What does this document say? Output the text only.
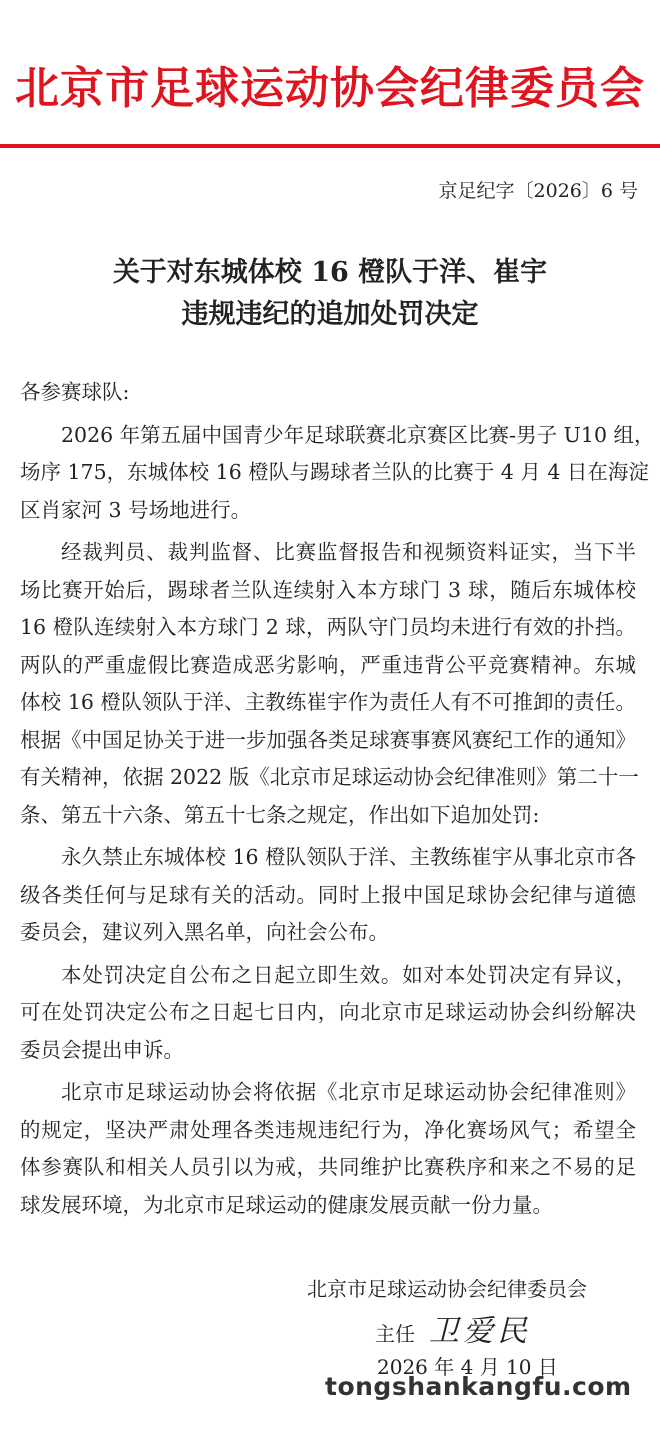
北京市足球运动协会纪律委员会
京足纪字〔2026〕6 号
关于对东城体校 16 橙队于洋、崔宇
违规违纪的追加处罚决定
各参赛球队:
2026 年第五届中国青少年足球联赛北京赛区比赛-男子 U10 组，
场序 175，东城体校 16 橙队与踢球者兰队的比赛于 4 月 4 日在海淀
区肖家河 3 号场地进行。
经裁判员、裁判监督、比赛监督报告和视频资料证实，当下半
场比赛开始后，踢球者兰队连续射入本方球门 3 球，随后东城体校
16 橙队连续射入本方球门 2 球，两队守门员均未进行有效的扑挡。
两队的严重虚假比赛造成恶劣影响，严重违背公平竞赛精神。东城
体校 16 橙队领队于洋、主教练崔宇作为责任人有不可推卸的责任。
根据《中国足协关于进一步加强各类足球赛事赛风赛纪工作的通知》
有关精神，依据 2022 版《北京市足球运动协会纪律准则》第二十一
条、第五十六条、第五十七条之规定，作出如下追加处罚:
永久禁止东城体校 16 橙队领队于洋、主教练崔宇从事北京市各
级各类任何与足球有关的活动。同时上报中国足球协会纪律与道德
委员会，建议列入黑名单，向社会公布。
本处罚决定自公布之日起立即生效。如对本处罚决定有异议，
可在处罚决定公布之日起七日内，向北京市足球运动协会纠纷解决
委员会提出申诉。
北京市足球运动协会将依据《北京市足球运动协会纪律准则》
的规定，坚决严肃处理各类违规违纪行为，净化赛场风气；希望全
体参赛队和相关人员引以为戒，共同维护比赛秩序和来之不易的足
球发展环境，为北京市足球运动的健康发展贡献一份力量。
北京市足球运动协会纪律委员会
主任 卫爱民
2026 年 4 月 10 日
tongshankangfu.com
